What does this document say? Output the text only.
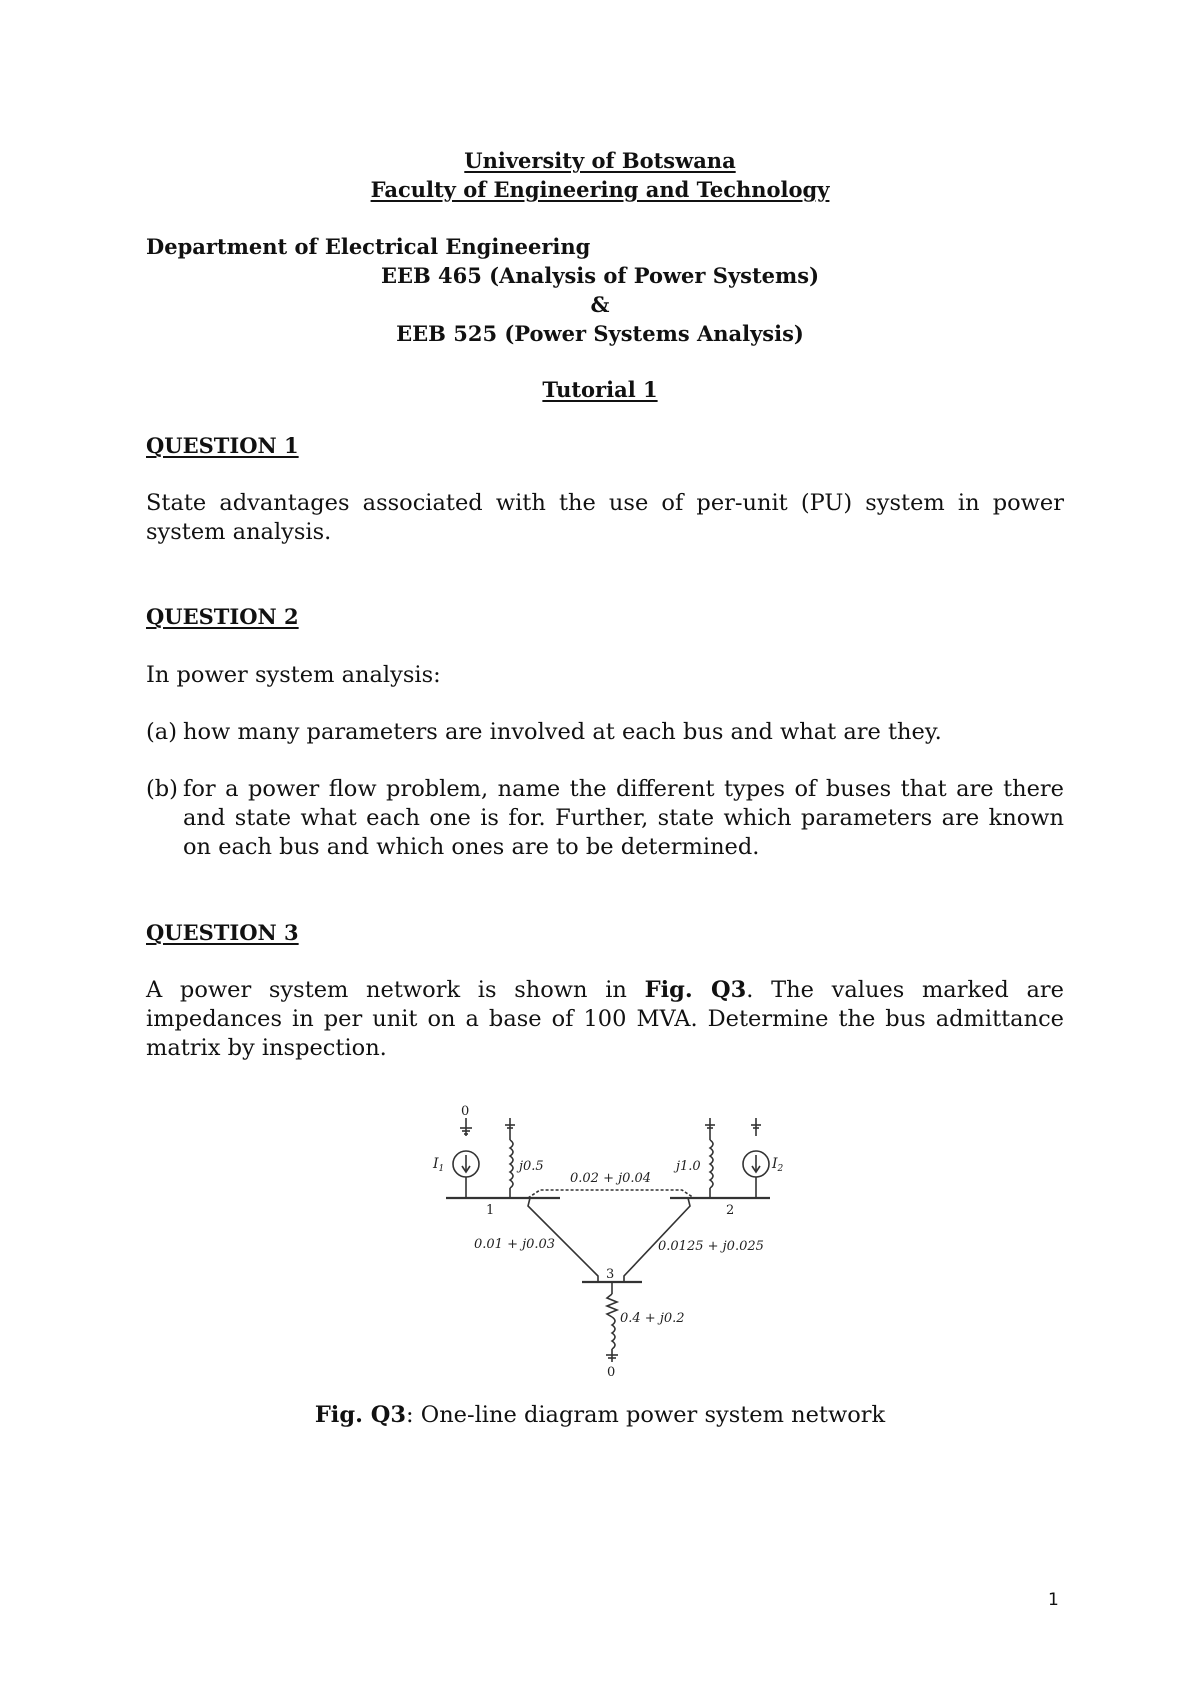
University of Botswana
Faculty of Engineering and Technology
Department of Electrical Engineering
EEB 465 (Analysis of Power Systems)
&
EEB 525 (Power Systems Analysis)
Tutorial 1
QUESTION 1
State advantages associated with the use of per-unit (PU) system in power system analysis.
QUESTION 2
In power system analysis:
(a) how many parameters are involved at each bus and what are they.
(b) for a power flow problem, name the different types of buses that are there and state what each one is for. Further, state which parameters are known on each bus and which ones are to be determined.
QUESTION 3
A power system network is shown in Fig. Q3. The values marked are impedances in per unit on a base of 100 MVA. Determine the bus admittance matrix by inspection.
0
$I_1$	j0.5
0.02 + j0.04
j1.0	$I_2$
1	2
0.01 + j0.03	0.0125 + j0.025
3
0.4 + j0.2
0
Fig. Q3: One-line diagram power system network
1
